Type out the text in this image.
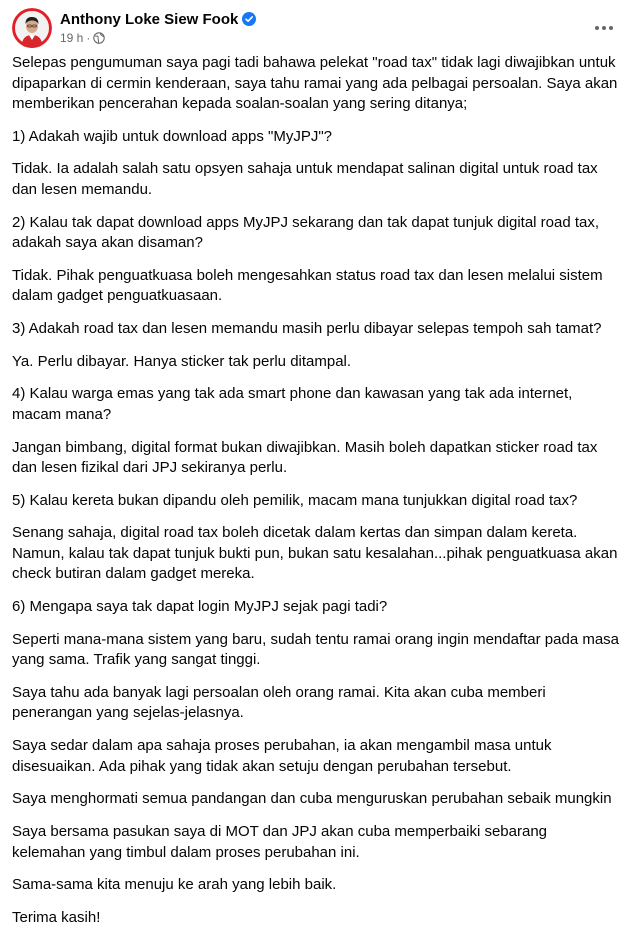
Anthony Loke Siew Fook
19 h ·

Selepas pengumuman saya pagi tadi bahawa pelekat "road tax" tidak lagi diwajibkan untuk dipaparkan di cermin kenderaan, saya tahu ramai yang ada pelbagai persoalan. Saya akan memberikan pencerahan kepada soalan-soalan yang sering ditanya;

1) Adakah wajib untuk download apps "MyJPJ"?

Tidak. Ia adalah salah satu opsyen sahaja untuk mendapat salinan digital untuk road tax dan lesen memandu.

2) Kalau tak dapat download apps MyJPJ sekarang dan tak dapat tunjuk digital road tax, adakah saya akan disaman?

Tidak. Pihak penguatkuasa boleh mengesahkan status road tax dan lesen melalui sistem dalam gadget penguatkuasaan.

3) Adakah road tax dan lesen memandu masih perlu dibayar selepas tempoh sah tamat?

Ya. Perlu dibayar. Hanya sticker tak perlu ditampal.

4) Kalau warga emas yang tak ada smart phone dan kawasan yang tak ada internet, macam mana?

Jangan bimbang, digital format bukan diwajibkan. Masih boleh dapatkan sticker road tax dan lesen fizikal dari JPJ sekiranya perlu.

5) Kalau kereta bukan dipandu oleh pemilik, macam mana tunjukkan digital road tax?

Senang sahaja, digital road tax boleh dicetak dalam kertas dan simpan dalam kereta. Namun, kalau tak dapat tunjuk bukti pun, bukan satu kesalahan...pihak penguatkuasa akan check butiran dalam gadget mereka.

6) Mengapa saya tak dapat login MyJPJ sejak pagi tadi?

Seperti mana-mana sistem yang baru, sudah tentu ramai orang ingin mendaftar pada masa yang sama. Trafik yang sangat tinggi.

Saya tahu ada banyak lagi persoalan oleh orang ramai. Kita akan cuba memberi penerangan yang sejelas-jelasnya.

Saya sedar dalam apa sahaja proses perubahan, ia akan mengambil masa untuk disesuaikan. Ada pihak yang tidak akan setuju dengan perubahan tersebut.

Saya menghormati semua pandangan dan cuba menguruskan perubahan sebaik mungkin

Saya bersama pasukan saya di MOT dan JPJ akan cuba memperbaiki sebarang kelemahan yang timbul dalam proses perubahan ini.

Sama-sama kita menuju ke arah yang lebih baik.

Terima kasih!
